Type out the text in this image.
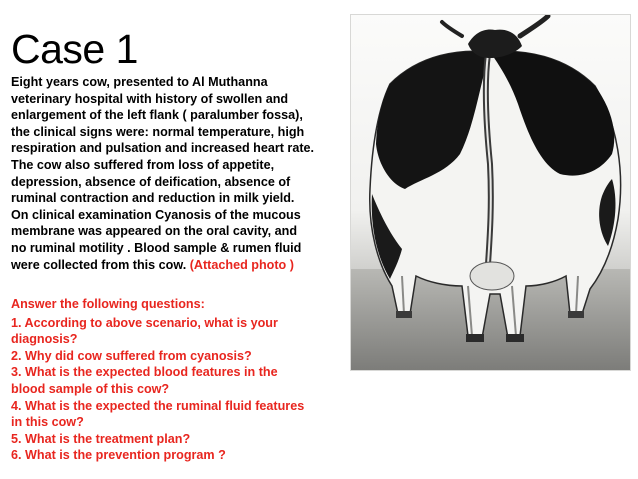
Case 1
Eight years cow, presented to Al Muthanna
veterinary hospital with history of swollen and
enlargement of the left flank ( paralumber fossa),
the clinical signs were: normal temperature, high
respiration and pulsation and increased heart rate.
The cow also suffered from loss of appetite,
depression, absence of deification, absence of
ruminal contraction and reduction in milk yield.
On clinical examination Cyanosis of the mucous
membrane was appeared on the oral cavity, and
no ruminal motility . Blood sample & rumen fluid
were collected from this cow. (Attached photo )
Answer the following questions:
1. According to above scenario, what is your
diagnosis?
2. Why did cow suffered from cyanosis?
3. What is the expected blood features in the
blood sample of this cow?
4. What is the expected the ruminal fluid features
in this cow?
5. What is the treatment plan?
6. What is the prevention program ?
